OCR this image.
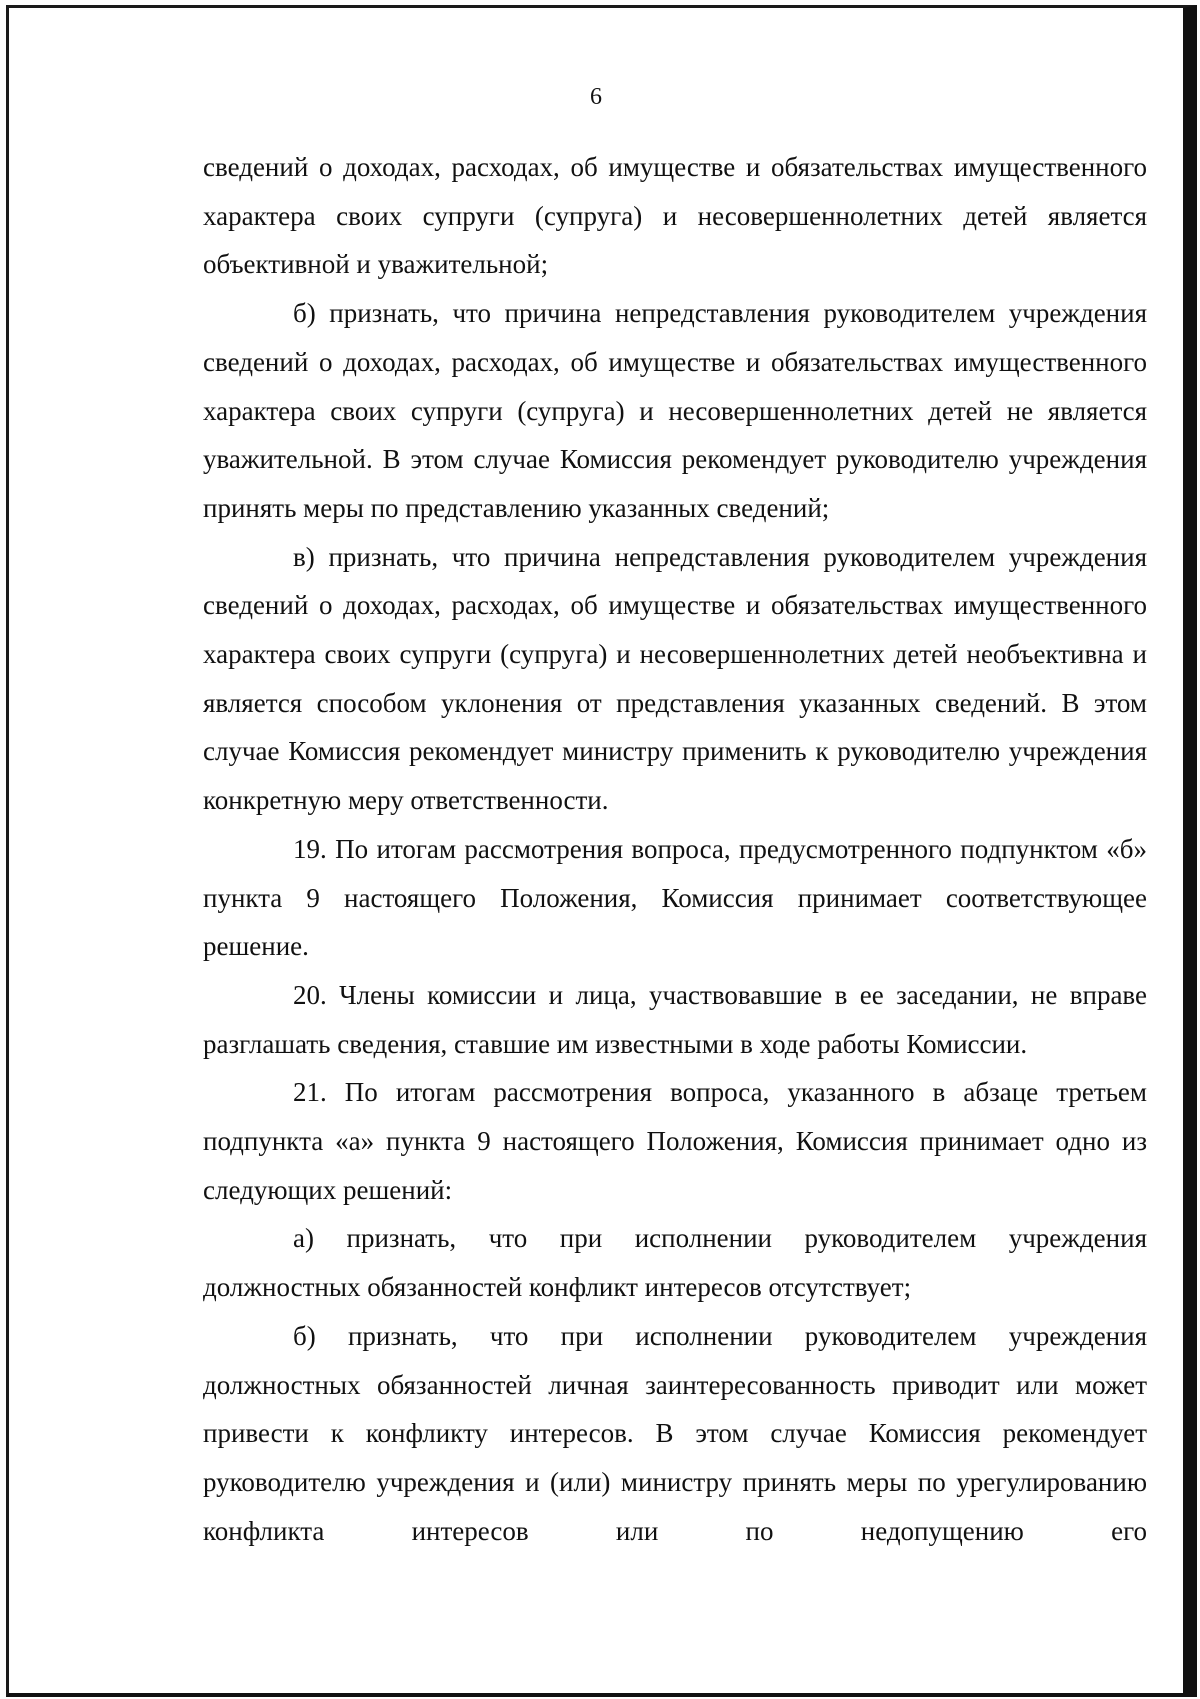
6

сведений о доходах, расходах, об имуществе и обязательствах имущественного характера своих супруги (супруга) и несовершеннолетних детей является объективной и уважительной;

б) признать, что причина непредставления руководителем учреждения сведений о доходах, расходах, об имуществе и обязательствах имущественного характера своих супруги (супруга) и несовершеннолетних детей не является уважительной. В этом случае Комиссия рекомендует руководителю учреждения принять меры по представлению указанных сведений;

в) признать, что причина непредставления руководителем учреждения сведений о доходах, расходах, об имуществе и обязательствах имущественного характера своих супруги (супруга) и несовершеннолетних детей необъективна и является способом уклонения от представления указанных сведений. В этом случае Комиссия рекомендует министру применить к руководителю учреждения конкретную меру ответственности.

19. По итогам рассмотрения вопроса, предусмотренного подпунктом «б» пункта 9 настоящего Положения, Комиссия принимает соответствующее решение.

20. Члены комиссии и лица, участвовавшие в ее заседании, не вправе разглашать сведения, ставшие им известными в ходе работы Комиссии.

21. По итогам рассмотрения вопроса, указанного в абзаце третьем подпункта «а» пункта 9 настоящего Положения, Комиссия принимает одно из следующих решений:

а) признать, что при исполнении руководителем учреждения должностных обязанностей конфликт интересов отсутствует;

б) признать, что при исполнении руководителем учреждения должностных обязанностей личная заинтересованность приводит или может привести к конфликту интересов. В этом случае Комиссия рекомендует руководителю учреждения и (или) министру принять меры по урегулированию конфликта интересов или по недопущению его
